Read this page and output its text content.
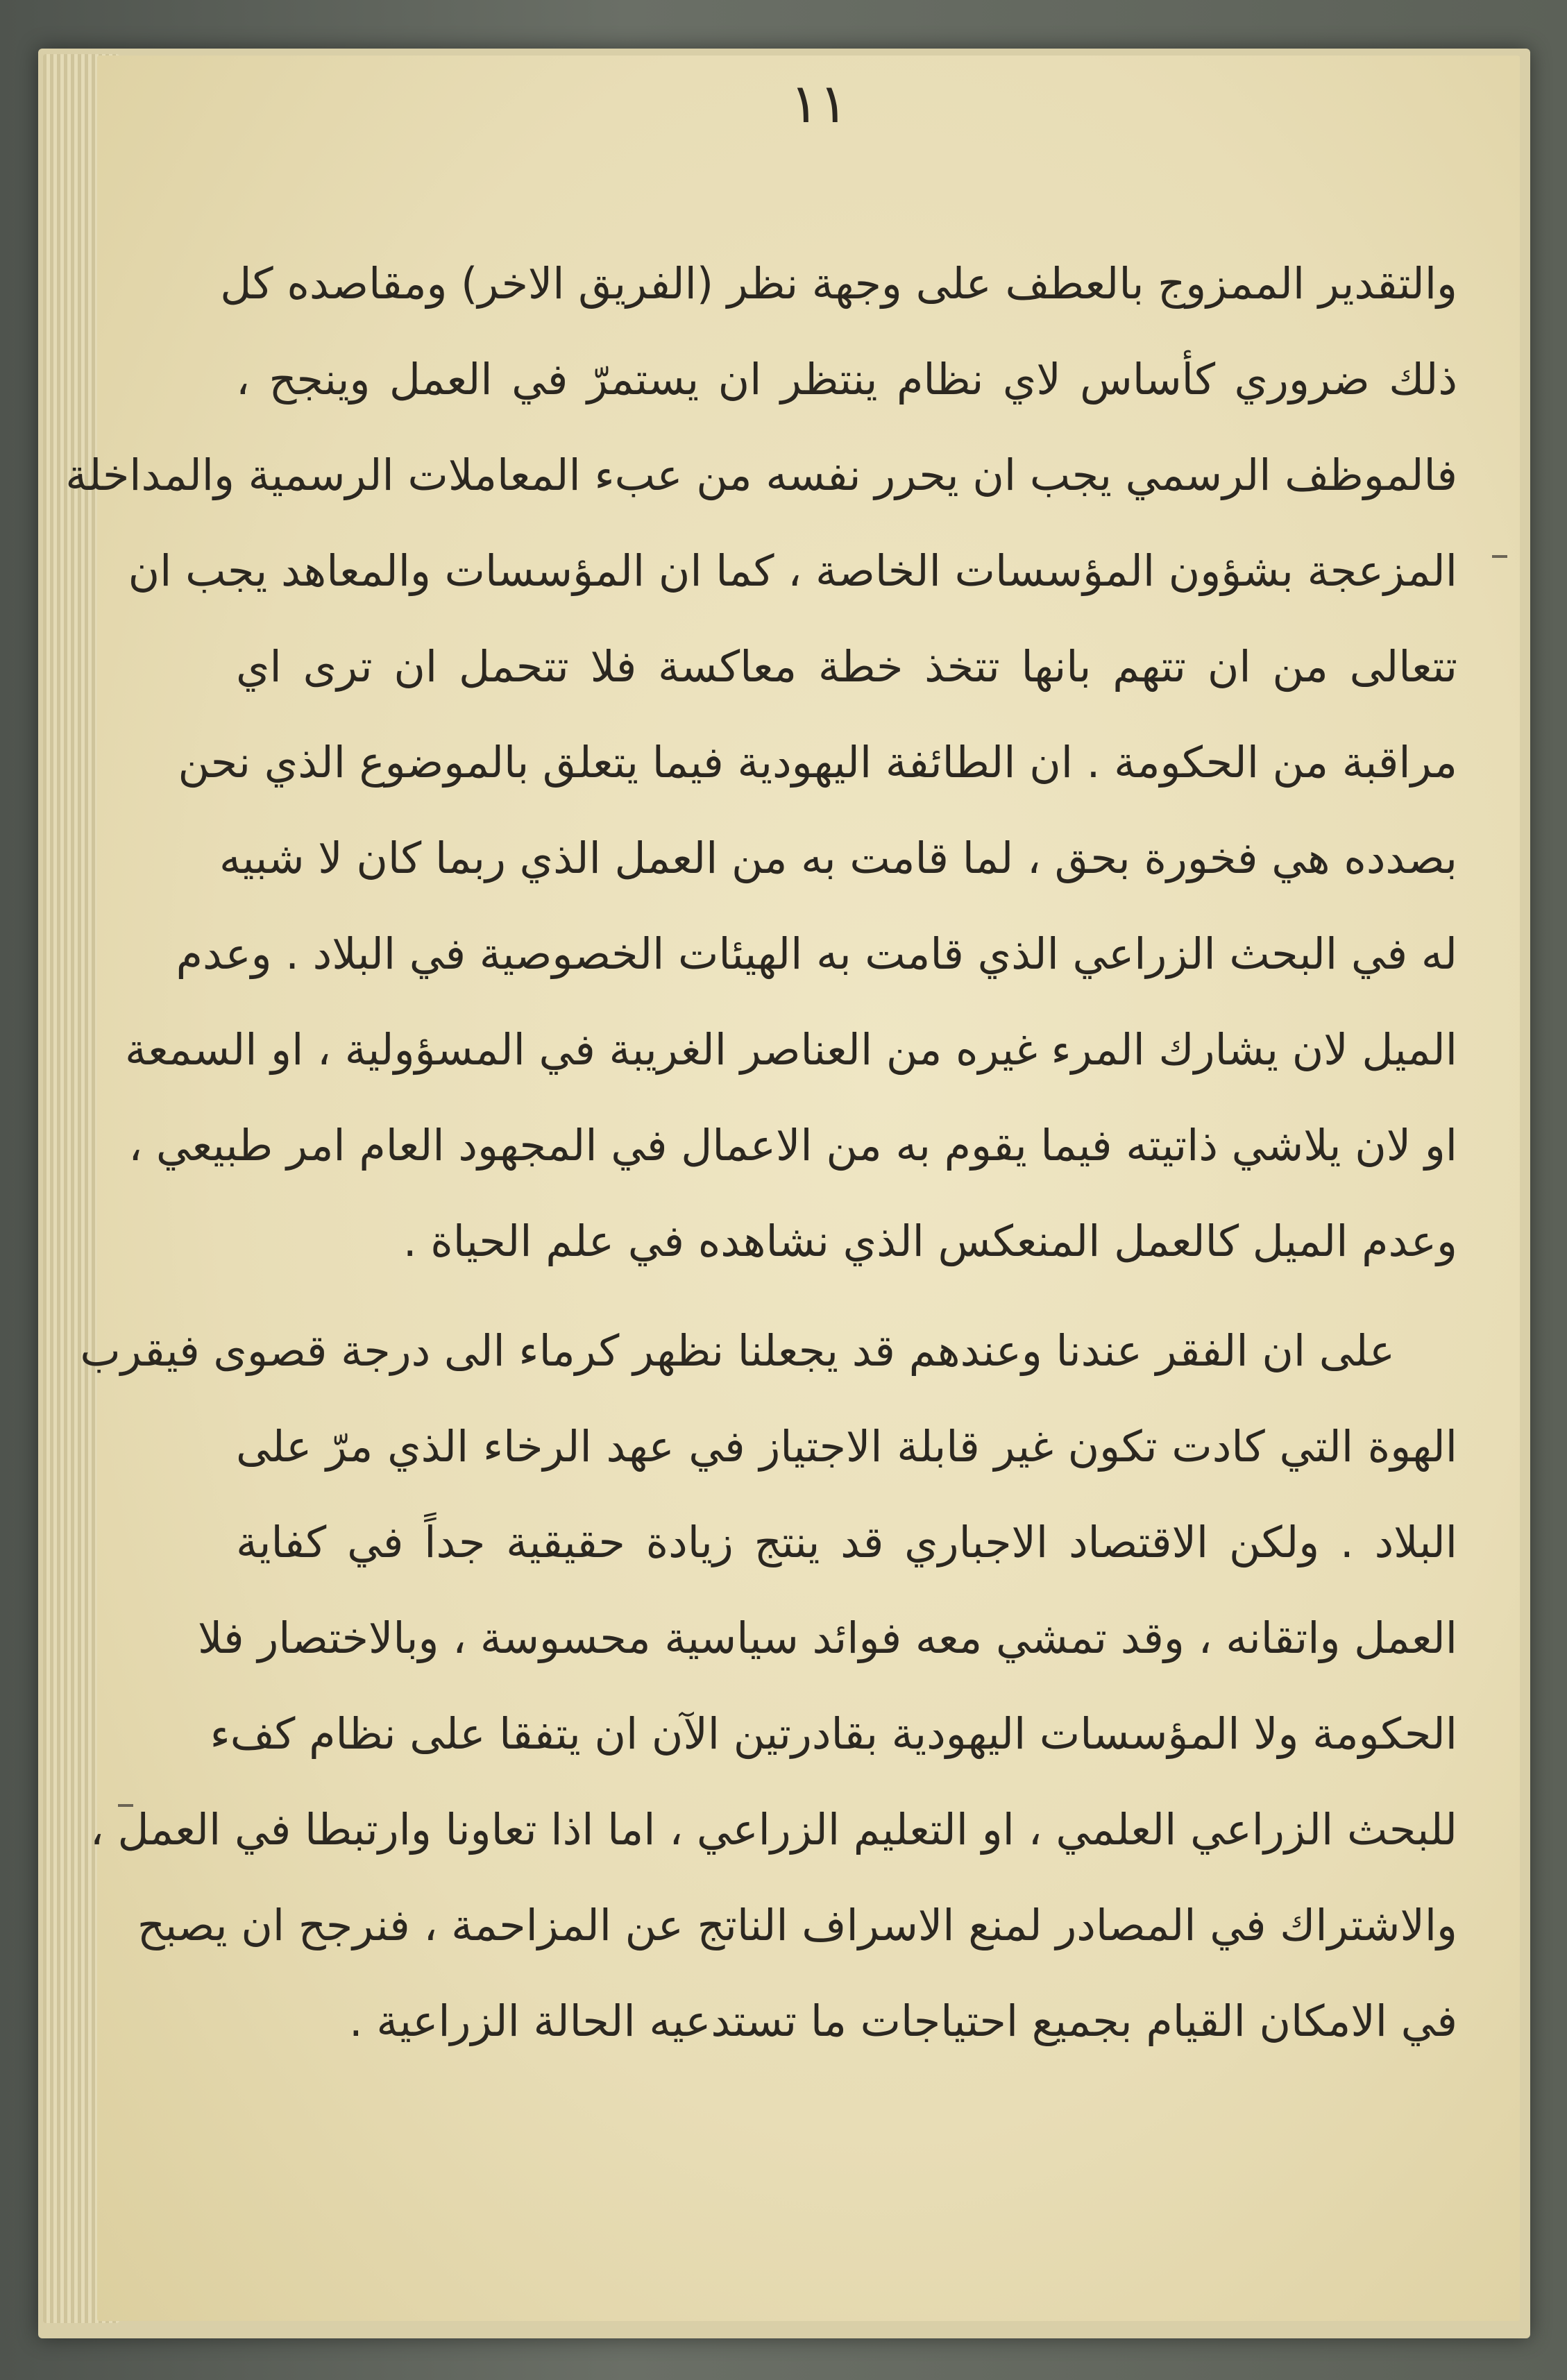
١١
والتقدير الممزوج بالعطف على وجهة نظر (الفريق الاخر) ومقاصده كل
ذلك ضروري كأساس لاي نظام ينتظر ان يستمرّ في العمل وينجح ،
فالموظف الرسمي يجب ان يحرر نفسه من عبء المعاملات الرسمية والمداخلة
المزعجة بشؤون المؤسسات الخاصة ، كما ان المؤسسات والمعاهد يجب ان
تتعالى من ان تتهم بانها تتخذ خطة معاكسة فلا تتحمل ان ترى اي
مراقبة من الحكومة . ان الطائفة اليهودية فيما يتعلق بالموضوع الذي نحن
بصدده هي فخورة بحق ، لما قامت به من العمل الذي ربما كان لا شبيه
له في البحث الزراعي الذي قامت به الهيئات الخصوصية في البلاد . وعدم
الميل لان يشارك المرء غيره من العناصر الغريبة في المسؤولية ، او السمعة
او لان يلاشي ذاتيته فيما يقوم به من الاعمال في المجهود العام امر طبيعي ،
وعدم الميل كالعمل المنعكس الذي نشاهده في علم الحياة .
على ان الفقر عندنا وعندهم قد يجعلنا نظهر كرماء الى درجة قصوى فيقرب
الهوة التي كادت تكون غير قابلة الاجتياز في عهد الرخاء الذي مرّ على
البلاد . ولكن الاقتصاد الاجباري قد ينتج زيادة حقيقية جداً في كفاية
العمل واتقانه ، وقد تمشي معه فوائد سياسية محسوسة ، وبالاختصار فلا
الحكومة ولا المؤسسات اليهودية بقادرتين الآن ان يتفقا على نظام كفء
للبحث الزراعي العلمي ، او التعليم الزراعي ، اما اذا تعاونا وارتبطا في العمل ،
والاشتراك في المصادر لمنع الاسراف الناتج عن المزاحمة ، فنرجح ان يصبح
في الامكان القيام بجميع احتياجات ما تستدعيه الحالة الزراعية .
